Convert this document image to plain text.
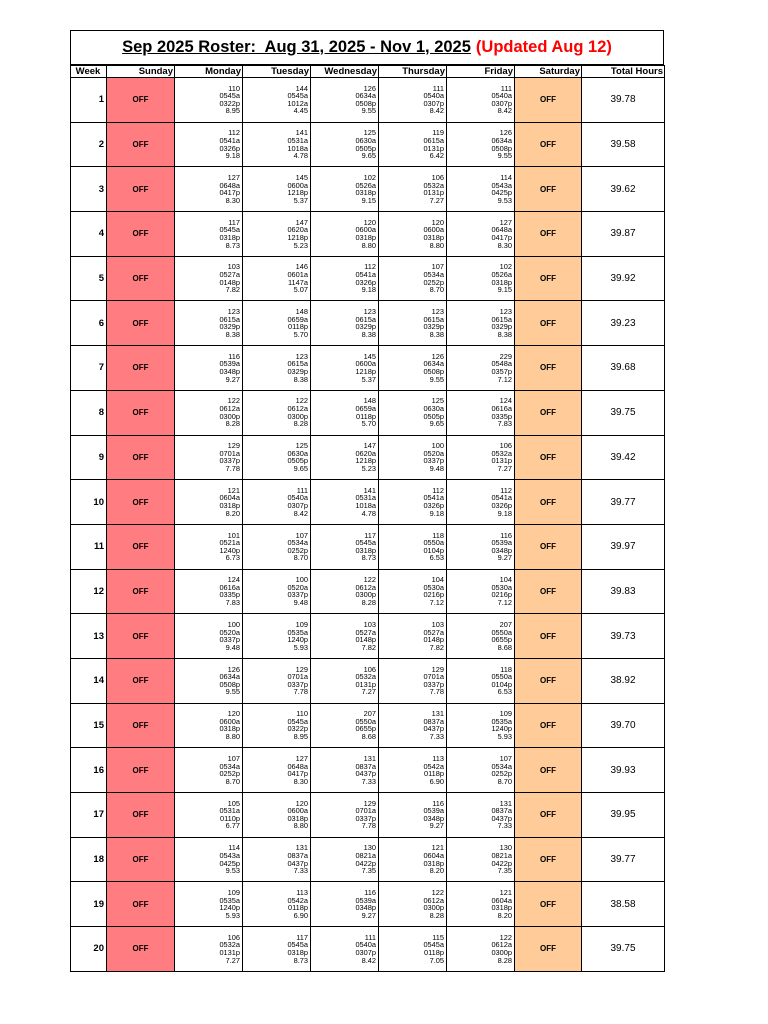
Sep 2025 Roster:  Aug 31, 2025 - Nov 1, 2025 (Updated Aug 12)
Week	Sunday	Monday	Tuesday	Wednesday	Thursday	Friday	Saturday	Total Hours
1	OFF	110
0545a
0322p
8.95	144
0545a
1012a
4.45	126
0634a
0508p
9.55	111
0540a
0307p
8.42	111
0540a
0307p
8.42	OFF	39.78
2	OFF	112
0541a
0326p
9.18	141
0531a
1018a
4.78	125
0630a
0505p
9.65	119
0615a
0131p
6.42	126
0634a
0508p
9.55	OFF	39.58
3	OFF	127
0648a
0417p
8.30	145
0600a
1218p
5.37	102
0526a
0318p
9.15	106
0532a
0131p
7.27	114
0543a
0425p
9.53	OFF	39.62
4	OFF	117
0545a
0318p
8.73	147
0620a
1218p
5.23	120
0600a
0318p
8.80	120
0600a
0318p
8.80	127
0648a
0417p
8.30	OFF	39.87
5	OFF	103
0527a
0148p
7.82	146
0601a
1147a
5.07	112
0541a
0326p
9.18	107
0534a
0252p
8.70	102
0526a
0318p
9.15	OFF	39.92
6	OFF	123
0615a
0329p
8.38	148
0659a
0118p
5.70	123
0615a
0329p
8.38	123
0615a
0329p
8.38	123
0615a
0329p
8.38	OFF	39.23
7	OFF	116
0539a
0348p
9.27	123
0615a
0329p
8.38	145
0600a
1218p
5.37	126
0634a
0508p
9.55	229
0548a
0357p
7.12	OFF	39.68
8	OFF	122
0612a
0300p
8.28	122
0612a
0300p
8.28	148
0659a
0118p
5.70	125
0630a
0505p
9.65	124
0616a
0335p
7.83	OFF	39.75
9	OFF	129
0701a
0337p
7.78	125
0630a
0505p
9.65	147
0620a
1218p
5.23	100
0520a
0337p
9.48	106
0532a
0131p
7.27	OFF	39.42
10	OFF	121
0604a
0318p
8.20	111
0540a
0307p
8.42	141
0531a
1018a
4.78	112
0541a
0326p
9.18	112
0541a
0326p
9.18	OFF	39.77
11	OFF	101
0521a
1240p
6.73	107
0534a
0252p
8.70	117
0545a
0318p
8.73	118
0550a
0104p
6.53	116
0539a
0348p
9.27	OFF	39.97
12	OFF	124
0616a
0335p
7.83	100
0520a
0337p
9.48	122
0612a
0300p
8.28	104
0530a
0216p
7.12	104
0530a
0216p
7.12	OFF	39.83
13	OFF	100
0520a
0337p
9.48	109
0535a
1240p
5.93	103
0527a
0148p
7.82	103
0527a
0148p
7.82	207
0550a
0655p
8.68	OFF	39.73
14	OFF	126
0634a
0508p
9.55	129
0701a
0337p
7.78	106
0532a
0131p
7.27	129
0701a
0337p
7.78	118
0550a
0104p
6.53	OFF	38.92
15	OFF	120
0600a
0318p
8.80	110
0545a
0322p
8.95	207
0550a
0655p
8.68	131
0837a
0437p
7.33	109
0535a
1240p
5.93	OFF	39.70
16	OFF	107
0534a
0252p
8.70	127
0648a
0417p
8.30	131
0837a
0437p
7.33	113
0542a
0118p
6.90	107
0534a
0252p
8.70	OFF	39.93
17	OFF	105
0531a
0110p
6.77	120
0600a
0318p
8.80	129
0701a
0337p
7.78	116
0539a
0348p
9.27	131
0837a
0437p
7.33	OFF	39.95
18	OFF	114
0543a
0425p
9.53	131
0837a
0437p
7.33	130
0821a
0422p
7.35	121
0604a
0318p
8.20	130
0821a
0422p
7.35	OFF	39.77
19	OFF	109
0535a
1240p
5.93	113
0542a
0118p
6.90	116
0539a
0348p
9.27	122
0612a
0300p
8.28	121
0604a
0318p
8.20	OFF	38.58
20	OFF	106
0532a
0131p
7.27	117
0545a
0318p
8.73	111
0540a
0307p
8.42	115
0545a
0118p
7.05	122
0612a
0300p
8.28	OFF	39.75
